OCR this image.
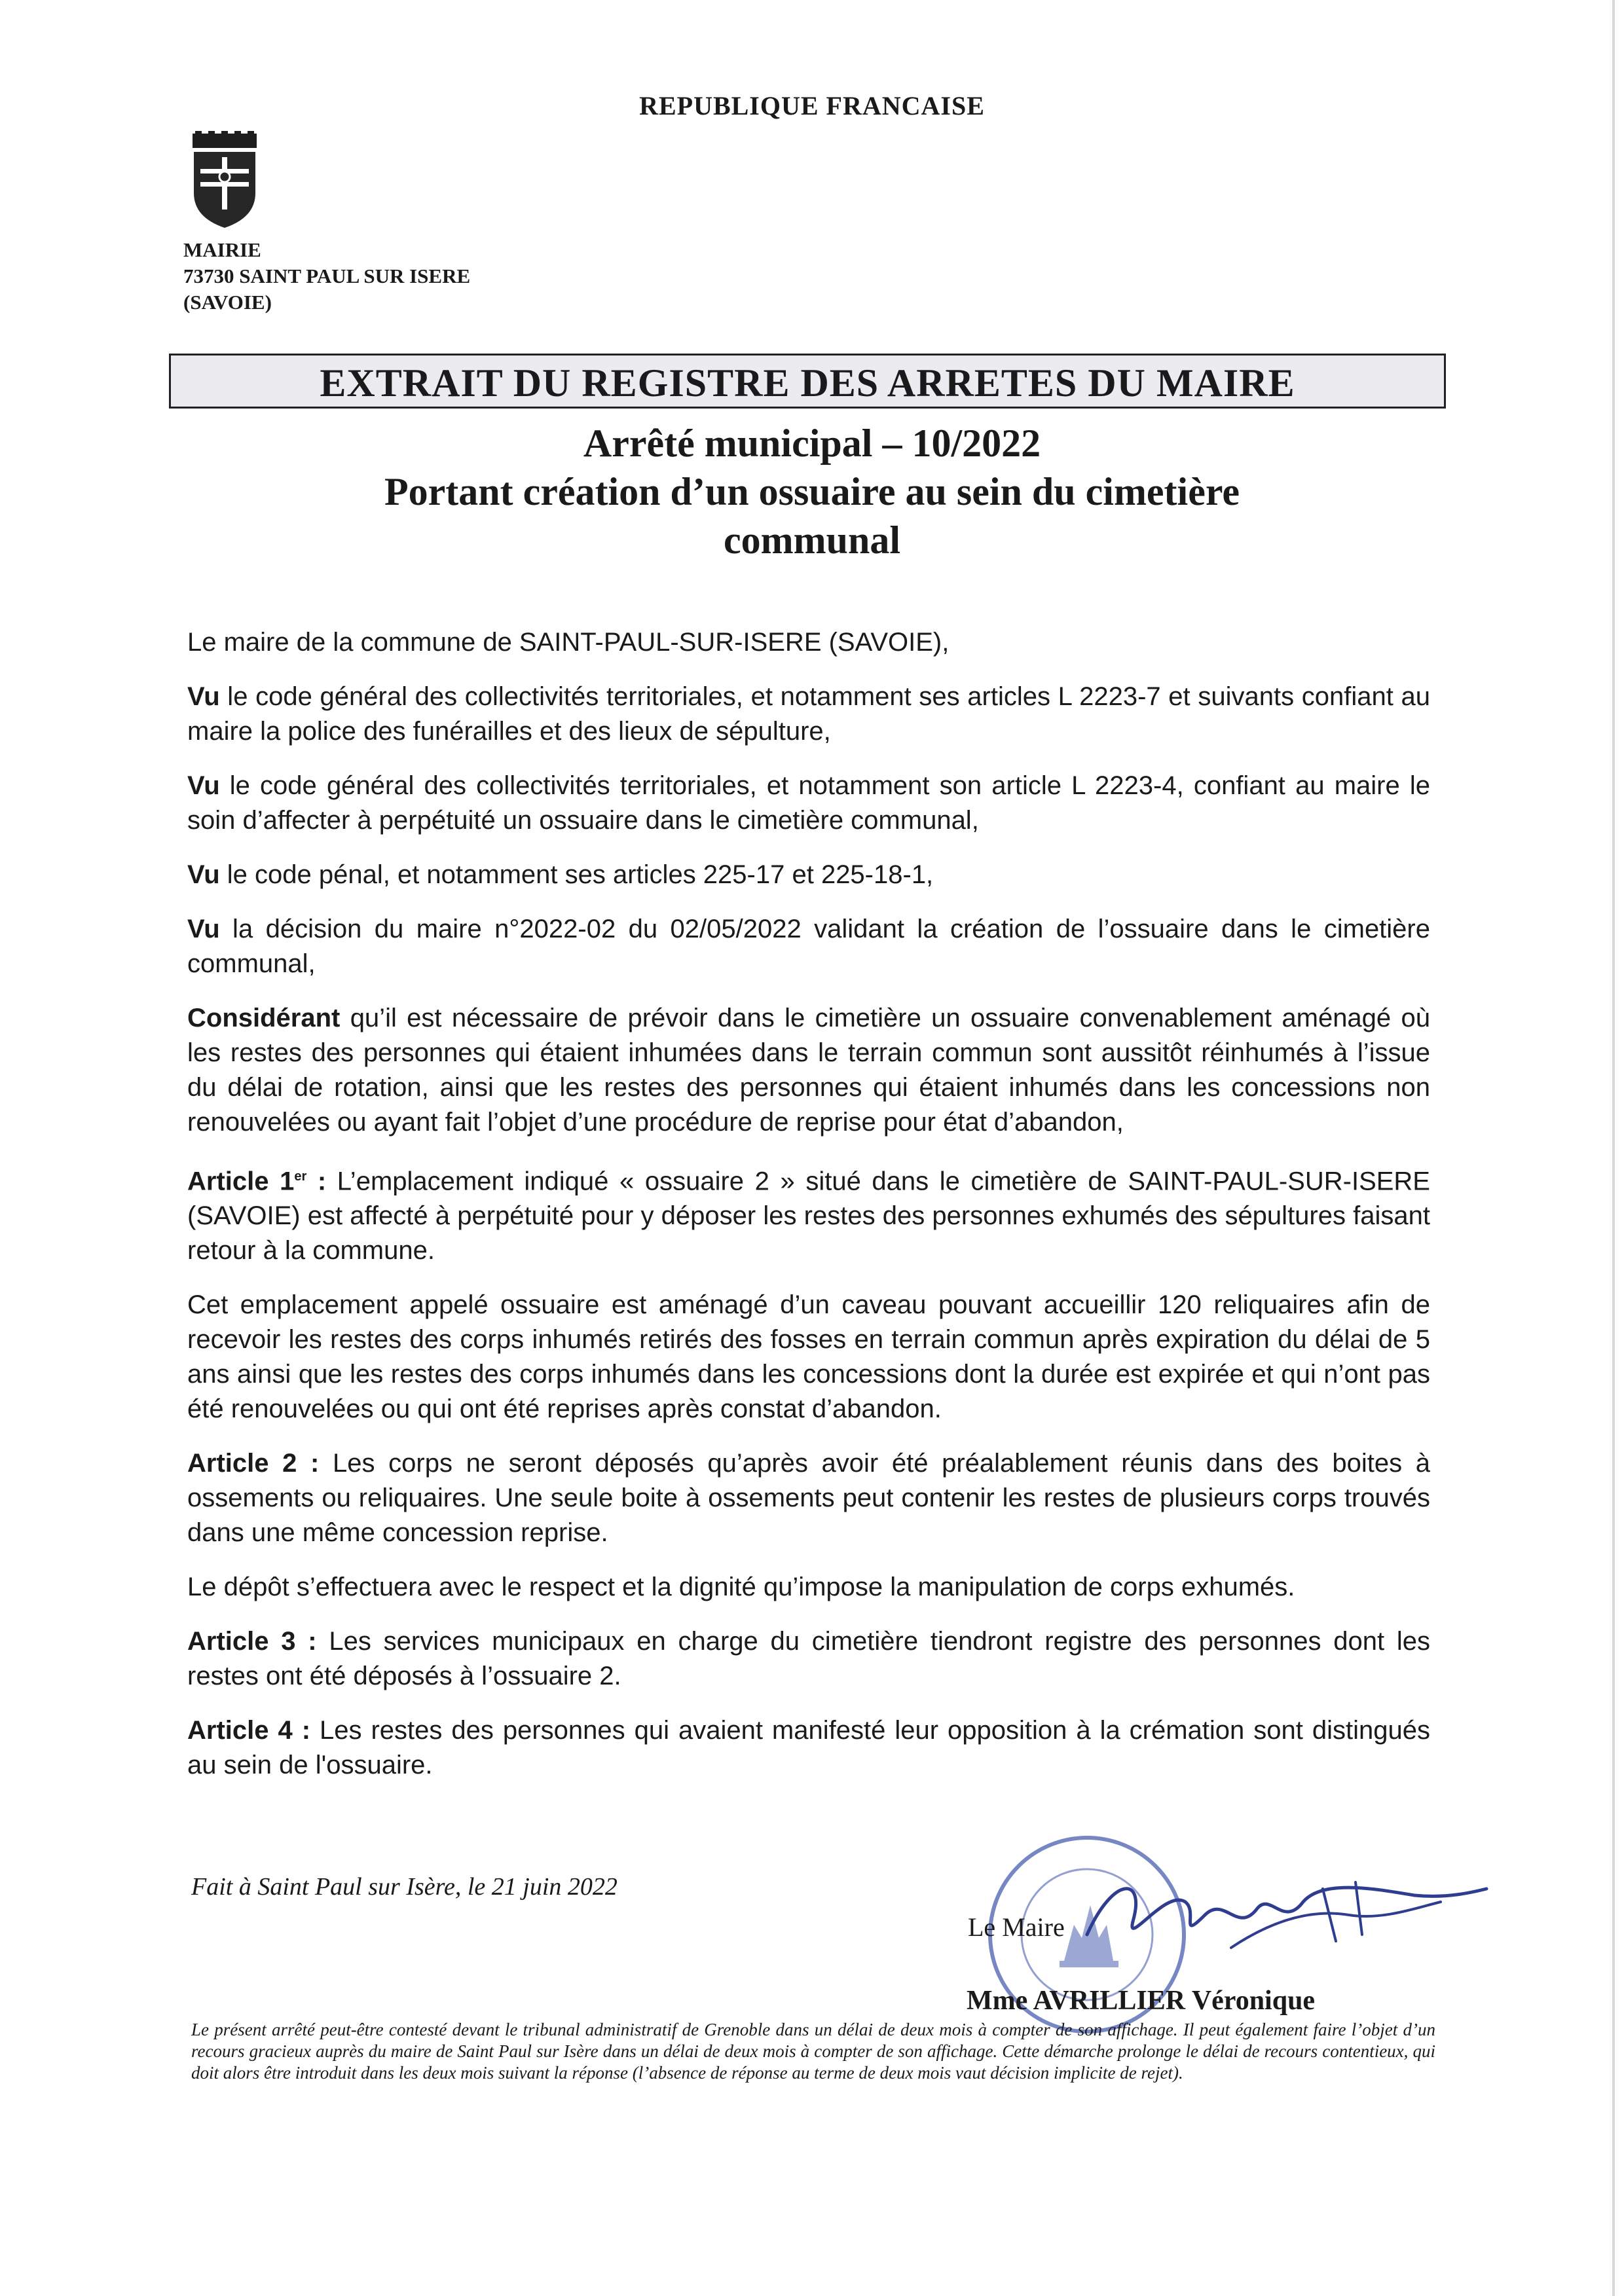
REPUBLIQUE FRANCAISE
MAIRIE
73730 SAINT PAUL SUR ISERE
(SAVOIE)
EXTRAIT DU REGISTRE DES ARRETES DU MAIRE
Arrêté municipal – 10/2022
Portant création d’un ossuaire au sein du cimetière
communal

Le maire de la commune de SAINT-PAUL-SUR-ISERE (SAVOIE),

Vu le code général des collectivités territoriales, et notamment ses articles L 2223-7 et suivants confiant au maire la police des funérailles et des lieux de sépulture,

Vu le code général des collectivités territoriales, et notamment son article L 2223-4, confiant au maire le soin d’affecter à perpétuité un ossuaire dans le cimetière communal,

Vu le code pénal, et notamment ses articles 225-17 et 225-18-1,

Vu la décision du maire n°2022-02 du 02/05/2022 validant la création de l’ossuaire dans le cimetière communal,

Considérant qu’il est nécessaire de prévoir dans le cimetière un ossuaire convenablement aménagé où les restes des personnes qui étaient inhumées dans le terrain commun sont aussitôt réinhumés à l’issue du délai de rotation, ainsi que les restes des personnes qui étaient inhumés dans les concessions non renouvelées ou ayant fait l’objet d’une procédure de reprise pour état d’abandon,

Article 1er : L’emplacement indiqué « ossuaire 2 » situé dans le cimetière de SAINT-PAUL-SUR-ISERE (SAVOIE) est affecté à perpétuité pour y déposer les restes des personnes exhumés des sépultures faisant retour à la commune.

Cet emplacement appelé ossuaire est aménagé d’un caveau pouvant accueillir 120 reliquaires afin de recevoir les restes des corps inhumés retirés des fosses en terrain commun après expiration du délai de 5 ans ainsi que les restes des corps inhumés dans les concessions dont la durée est expirée et qui n’ont pas été renouvelées ou qui ont été reprises après constat d’abandon.

Article 2 : Les corps ne seront déposés qu’après avoir été préalablement réunis dans des boites à ossements ou reliquaires. Une seule boite à ossements peut contenir les restes de plusieurs corps trouvés dans une même concession reprise.

Le dépôt s’effectuera avec le respect et la dignité qu’impose la manipulation de corps exhumés.

Article 3 : Les services municipaux en charge du cimetière tiendront registre des personnes dont les restes ont été déposés à l’ossuaire 2.

Article 4 : Les restes des personnes qui avaient manifesté leur opposition à la crémation sont distingués au sein de l'ossuaire.

Fait à Saint Paul sur Isère, le 21 juin 2022
Le Maire
Mme AVRILLIER Véronique
Le présent arrêté peut-être contesté devant le tribunal administratif de Grenoble dans un délai de deux mois à compter de son affichage. Il peut également faire l’objet d’un recours gracieux auprès du maire de Saint Paul sur Isère dans un délai de deux mois à compter de son affichage. Cette démarche prolonge le délai de recours contentieux, qui doit alors être introduit dans les deux mois suivant la réponse (l’absence de réponse au terme de deux mois vaut décision implicite de rejet).
